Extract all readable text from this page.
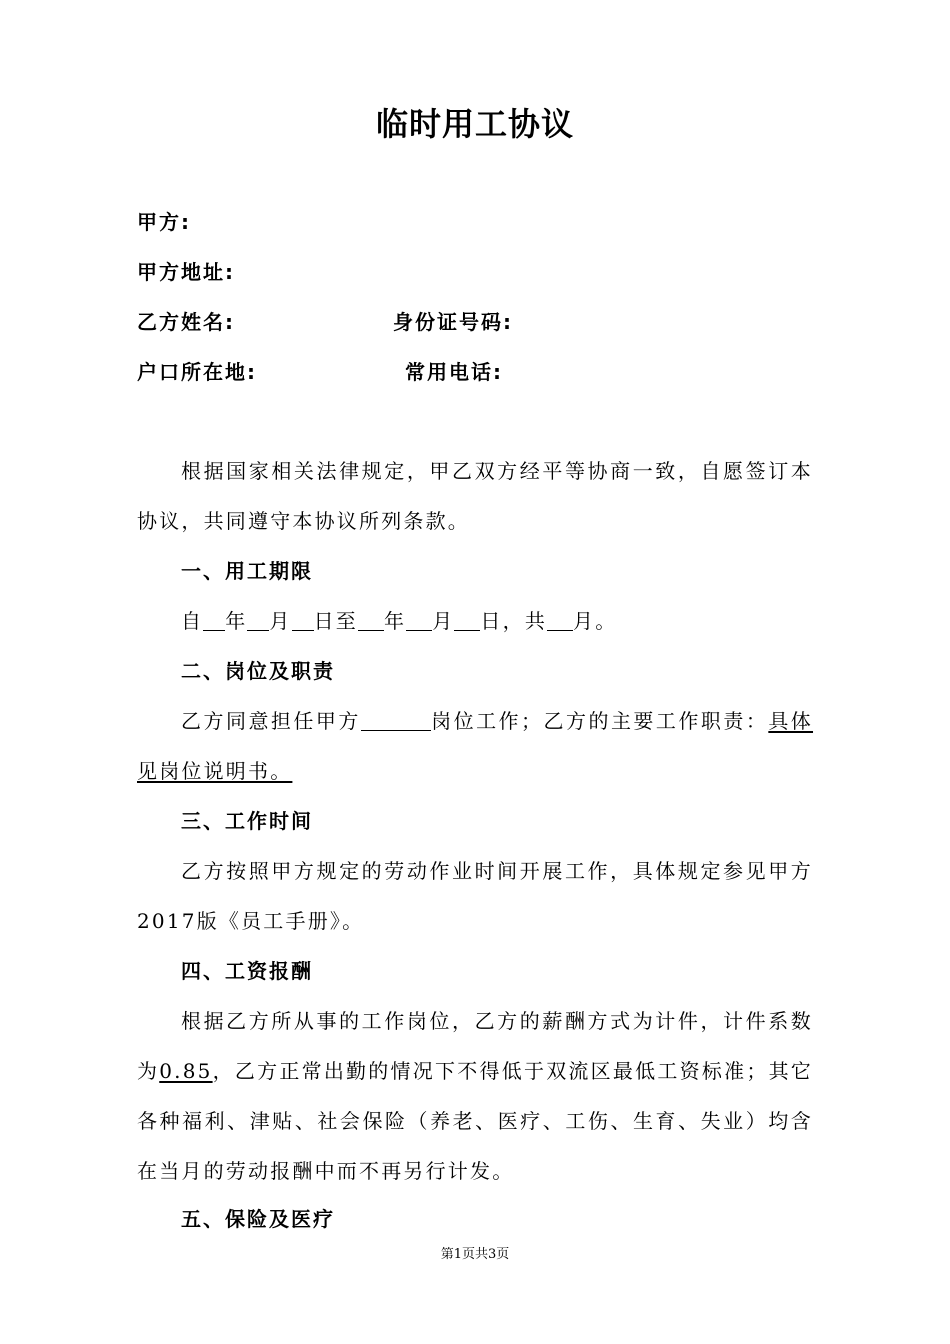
临时用工协议
甲方:
甲方地址:
乙方姓名:	身份证号码:
户口所在地:	常用电话:
根据国家相关法律规定，甲乙双方经平等协商一致，自愿签订本协议，共同遵守本协议所列条款。
一、用工期限
自 年 月 日至 年 月 日，共 月。
二、岗位及职责
乙方同意担任甲方	岗位工作；乙方的主要工作职责：具体见岗位说明书。
三、工作时间
乙方按照甲方规定的劳动作业时间开展工作，具体规定参见甲方2017版《员工手册》。
四、工资报酬
根据乙方所从事的工作岗位，乙方的薪酬方式为计件，计件系数为0.85，乙方正常出勤的情况下不得低于双流区最低工资标准；其它各种福利、津贴、社会保险（养老、医疗、工伤、生育、失业）均含在当月的劳动报酬中而不再另行计发。
五、保险及医疗
第1页共3页
